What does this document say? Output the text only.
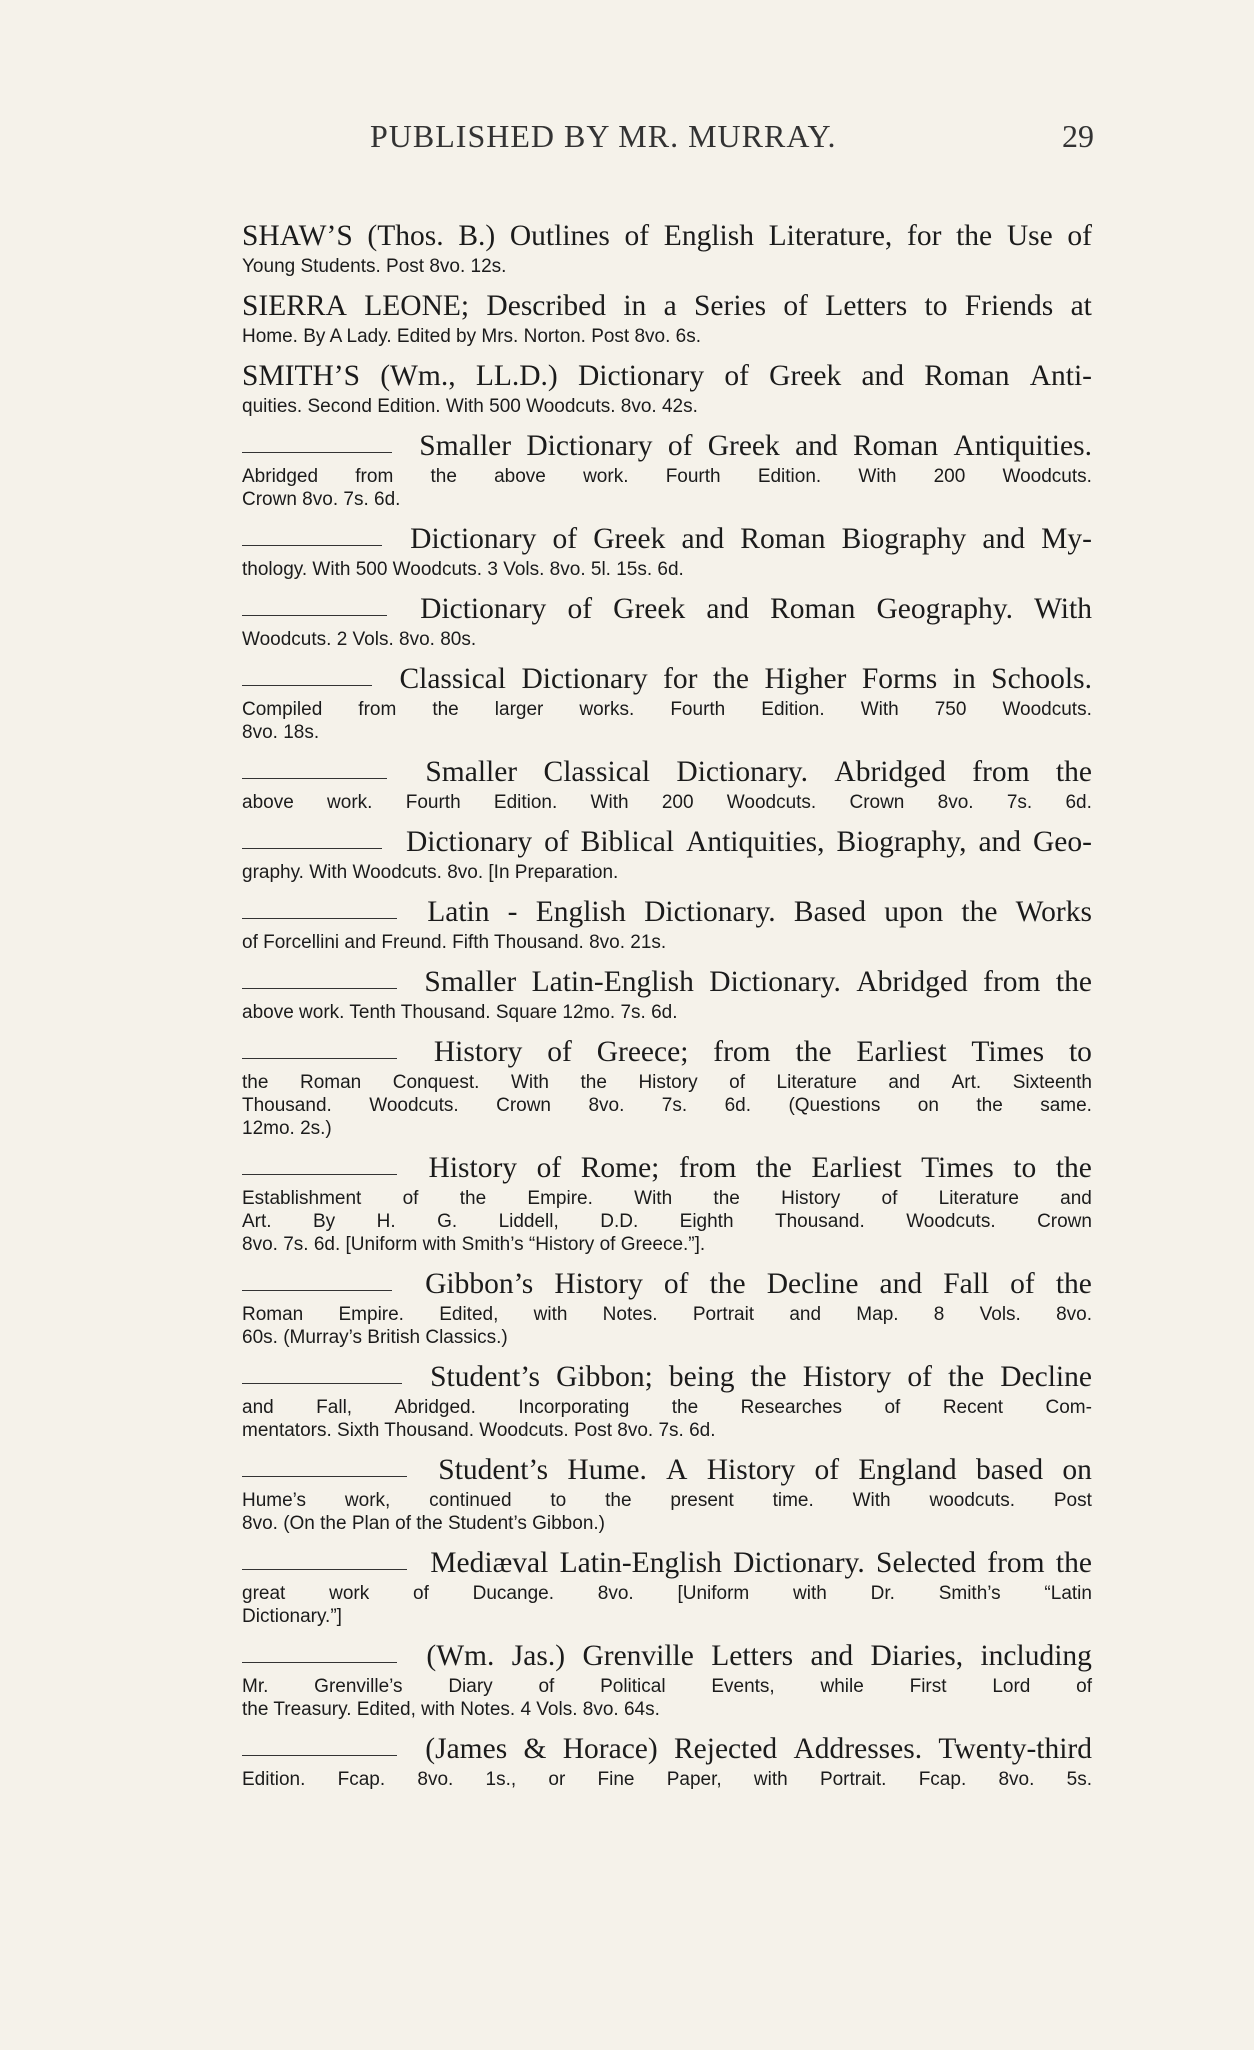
PUBLISHED BY MR. MURRAY.	29
SHAW’S (Thos. B.) Outlines of English Literature, for the Use of
Young Students. Post 8vo. 12s.
SIERRA LEONE; Described in a Series of Letters to Friends at
Home. By A Lady. Edited by Mrs. Norton. Post 8vo. 6s.
SMITH’S (Wm., LL.D.) Dictionary of Greek and Roman Anti-
quities. Second Edition. With 500 Woodcuts. 8vo. 42s.
Smaller Dictionary of Greek and Roman Antiquities.
Abridged from the above work. Fourth Edition. With 200 Woodcuts.
Crown 8vo. 7s. 6d.
Dictionary of Greek and Roman Biography and My-
thology. With 500 Woodcuts. 3 Vols. 8vo. 5l. 15s. 6d.
Dictionary of Greek and Roman Geography. With
Woodcuts. 2 Vols. 8vo. 80s.
Classical Dictionary for the Higher Forms in Schools.
Compiled from the larger works. Fourth Edition. With 750 Woodcuts.
8vo. 18s.
Smaller Classical Dictionary. Abridged from the
above work. Fourth Edition. With 200 Woodcuts. Crown 8vo. 7s. 6d.
Dictionary of Biblical Antiquities, Biography, and Geo-
graphy. With Woodcuts. 8vo. [In Preparation.
Latin - English Dictionary. Based upon the Works
of Forcellini and Freund. Fifth Thousand. 8vo. 21s.
Smaller Latin-English Dictionary. Abridged from the
above work. Tenth Thousand. Square 12mo. 7s. 6d.
History of Greece; from the Earliest Times to
the Roman Conquest. With the History of Literature and Art. Sixteenth
Thousand. Woodcuts. Crown 8vo. 7s. 6d. (Questions on the same.
12mo. 2s.)
History of Rome; from the Earliest Times to the
Establishment of the Empire. With the History of Literature and
Art. By H. G. Liddell, D.D. Eighth Thousand. Woodcuts. Crown
8vo. 7s. 6d. [Uniform with Smith’s “History of Greece.”].
Gibbon’s History of the Decline and Fall of the
Roman Empire. Edited, with Notes. Portrait and Map. 8 Vols. 8vo.
60s. (Murray’s British Classics.)
Student’s Gibbon; being the History of the Decline
and Fall, Abridged. Incorporating the Researches of Recent Com-
mentators. Sixth Thousand. Woodcuts. Post 8vo. 7s. 6d.
Student’s Hume. A History of England based on
Hume’s work, continued to the present time. With woodcuts. Post
8vo. (On the Plan of the Student’s Gibbon.)
Mediæval Latin-English Dictionary. Selected from the
great work of Ducange. 8vo. [Uniform with Dr. Smith’s “Latin
Dictionary.”]
(Wm. Jas.) Grenville Letters and Diaries, including
Mr. Grenville’s Diary of Political Events, while First Lord of
the Treasury. Edited, with Notes. 4 Vols. 8vo. 64s.
(James & Horace) Rejected Addresses. Twenty-third
Edition. Fcap. 8vo. 1s., or Fine Paper, with Portrait. Fcap. 8vo. 5s.
